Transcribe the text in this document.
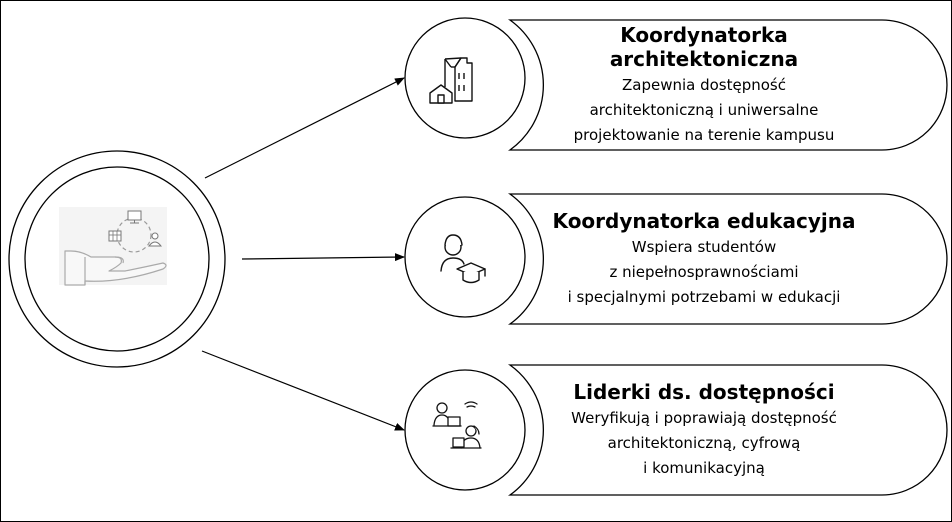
Koordynatorka
architektoniczna
Zapewnia dostępność
architektoniczną i uniwersalne
projektowanie na terenie kampusu
Koordynatorka edukacyjna
Wspiera studentów
z niepełnosprawnościami
i specjalnymi potrzebami w edukacji
Liderki ds. dostępności
Weryfikują i poprawiają dostępność
architektoniczną, cyfrową
i komunikacyjną
